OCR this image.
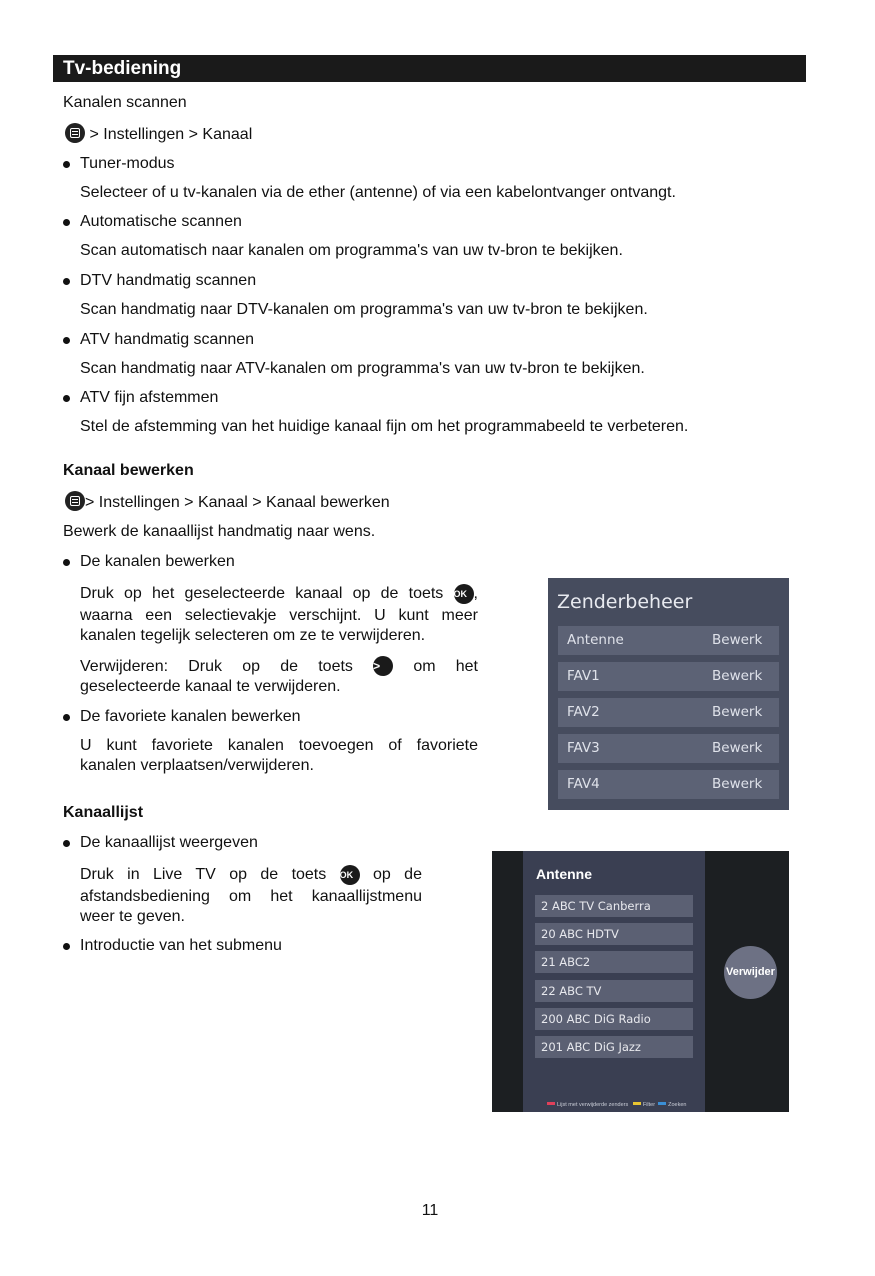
Tv-bediening
Kanalen scannen
> Instellingen > Kanaal
Tuner-modus
Selecteer of u tv-kanalen via de ether (antenne) of via een kabelontvanger ontvangt.
Automatische scannen
Scan automatisch naar kanalen om programma's van uw tv-bron te bekijken.
DTV handmatig scannen
Scan handmatig naar DTV-kanalen om programma's van uw tv-bron te bekijken.
ATV handmatig scannen
Scan handmatig naar ATV-kanalen om programma's van uw tv-bron te bekijken.
ATV fijn afstemmen
Stel de afstemming van het huidige kanaal fijn om het programmabeeld te verbeteren.
Kanaal bewerken
> Instellingen > Kanaal > Kanaal bewerken
Bewerk de kanaallijst handmatig naar wens.
De kanalen bewerken
Druk op het geselecteerde kanaal op de toets OK ,
waarna een selectievakje verschijnt. U kunt meer
kanalen tegelijk selecteren om ze te verwijderen.
Verwijderen: Druk op de toets > om het
geselecteerde kanaal te verwijderen.
De favoriete kanalen bewerken
U kunt favoriete kanalen toevoegen of favoriete
kanalen verplaatsen/verwijderen.
Kanaallijst
De kanaallijst weergeven
Druk in Live TV op de toets OK op de
afstandsbediening om het kanaallijstmenu
weer te geven.
Introductie van het submenu
Zenderbeheer
Antenne	Bewerk
FAV1	Bewerk
FAV2	Bewerk
FAV3	Bewerk
FAV4	Bewerk
Antenne
2 ABC TV Canberra
20 ABC HDTV
21 ABC2
22 ABC TV
200 ABC DiG Radio
201 ABC DiG Jazz
Lijst met verwijderde zenders	Filter Zoeken
Verwijder
11
